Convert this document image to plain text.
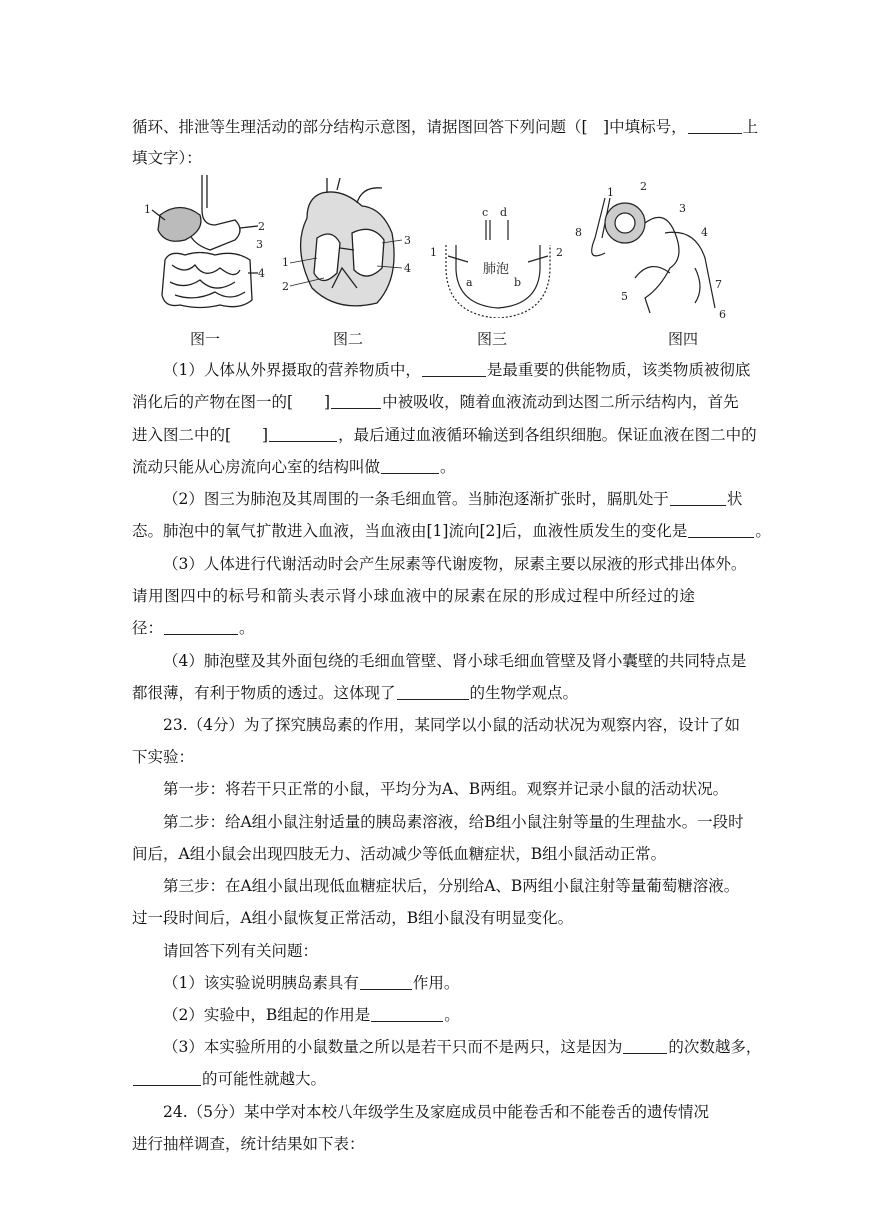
循环、排泄等生理活动的部分结构示意图，请据图回答下列问题（[　]中填标号，	上
填文字）：
1
2
3
4
图一
1
2
3
4
图二
c d
1	2
肺泡
a	b
图三
1 2
3
4
5
6
7
8
图四
（1）人体从外界摄取的营养物质中，	是最重要的供能物质，该类物质被彻底
消化后的产物在图一的[　　]	中被吸收，随着血液流动到达图二所示结构内，首先
进入图二中的[　　]	，最后通过血液循环输送到各组织细胞。保证血液在图二中的
流动只能从心房流向心室的结构叫做	。
（2）图三为肺泡及其周围的一条毛细血管。当肺泡逐渐扩张时，膈肌处于	状
态。肺泡中的氧气扩散进入血液，当血液由[1]流向[2]后，血液性质发生的变化是	。
（3）人体进行代谢活动时会产生尿素等代谢废物，尿素主要以尿液的形式排出体外。
请用图四中的标号和箭头表示肾小球血液中的尿素在尿的形成过程中所经过的途
径：	。
（4）肺泡壁及其外面包绕的毛细血管壁、肾小球毛细血管壁及肾小囊壁的共同特点是
都很薄，有利于物质的透过。这体现了	的生物学观点。
23.（4分）为了探究胰岛素的作用，某同学以小鼠的活动状况为观察内容，设计了如
下实验：
第一步：将若干只正常的小鼠，平均分为A、B两组。观察并记录小鼠的活动状况。
第二步：给A组小鼠注射适量的胰岛素溶液，给B组小鼠注射等量的生理盐水。一段时
间后，A组小鼠会出现四肢无力、活动减少等低血糖症状，B组小鼠活动正常。
第三步：在A组小鼠出现低血糖症状后，分别给A、B两组小鼠注射等量葡萄糖溶液。
过一段时间后，A组小鼠恢复正常活动，B组小鼠没有明显变化。
请回答下列有关问题：
（1）该实验说明胰岛素具有	作用。
（2）实验中，B组起的作用是	。
（3）本实验所用的小鼠数量之所以是若干只而不是两只，这是因为	的次数越多，
的可能性就越大。
24.（5分）某中学对本校八年级学生及家庭成员中能卷舌和不能卷舌的遗传情况
进行抽样调查，统计结果如下表：
